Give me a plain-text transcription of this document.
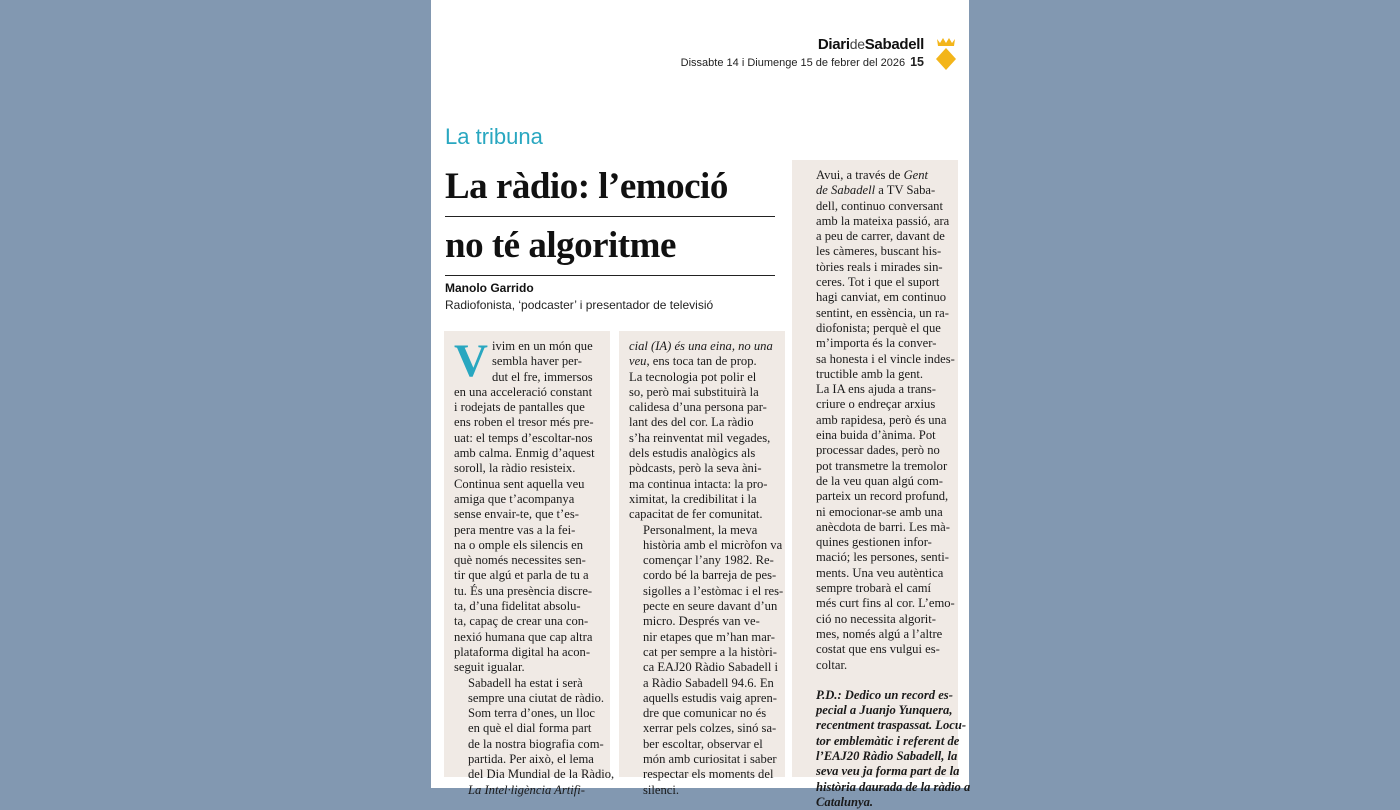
DiarideSabadell
Dissabte 14 i Diumenge 15 de febrer del 2026 15
La tribuna
La ràdio: l’emoció
no té algoritme
Manolo Garrido
Radiofonista, ‘podcaster’ i presentador de televisió

V ivim en un món que
sembla haver per-
dut el fre, immersos
en una acceleració constant
i rodejats de pantalles que
ens roben el tresor més pre-
uat: el temps d’escoltar-nos
amb calma. Enmig d’aquest
soroll, la ràdio resisteix.
Continua sent aquella veu
amiga que t’acompanya
sense envair-te, que t’es-
pera mentre vas a la fei-
na o omple els silencis en
què només necessites sen-
tir que algú et parla de tu a
tu. És una presència discre-
ta, d’una fidelitat absolu-
ta, capaç de crear una con-
nexió humana que cap altra
plataforma digital ha acon-
seguit igualar.

Sabadell ha estat i serà
sempre una ciutat de ràdio.
Som terra d’ones, un lloc
en què el dial forma part
de la nostra biografia com-
partida. Per això, el lema
del Dia Mundial de la Ràdio,
La Intel·ligència Artifi-

cial (IA) és una eina, no una
veu, ens toca tan de prop.
La tecnologia pot polir el
so, però mai substituirà la
calidesa d’una persona par-
lant des del cor. La ràdio
s’ha reinventat mil vegades,
dels estudis analògics als
pòdcasts, però la seva àni-
ma continua intacta: la pro-
ximitat, la credibilitat i la
capacitat de fer comunitat.

Personalment, la meva
història amb el micròfon va
començar l’any 1982. Re-
cordo bé la barreja de pes-
sigolles a l’estòmac i el res-
pecte en seure davant d’un
micro. Després van ve-
nir etapes que m’han mar-
cat per sempre a la històri-
ca EAJ20 Ràdio Sabadell i
a Ràdio Sabadell 94.6. En
aquells estudis vaig apren-
dre que comunicar no és
xerrar pels colzes, sinó sa-
ber escoltar, observar el
món amb curiositat i saber
respectar els moments del
silenci.

Avui, a través de Gent
de Sabadell a TV Saba-
dell, continuo conversant
amb la mateixa passió, ara
a peu de carrer, davant de
les càmeres, buscant his-
tòries reals i mirades sin-
ceres. Tot i que el suport
hagi canviat, em continuo
sentint, en essència, un ra-
diofonista; perquè el que
m’importa és la conver-
sa honesta i el vincle indes-
tructible amb la gent.

La IA ens ajuda a trans-
criure o endreçar arxius
amb rapidesa, però és una
eina buida d’ànima. Pot
processar dades, però no
pot transmetre la tremolor
de la veu quan algú com-
parteix un record profund,
ni emocionar-se amb una
anècdota de barri. Les mà-
quines gestionen infor-
mació; les persones, senti-
ments. Una veu autèntica
sempre trobarà el camí
més curt fins al cor. L’emo-
ció no necessita algorit-
mes, només algú a l’altre
costat que ens vulgui es-
coltar.

P.D.: Dedico un record es-
pecial a Juanjo Yunquera,
recentment traspassat. Locu-
tor emblemàtic i referent de
l’EAJ20 Ràdio Sabadell, la
seva veu ja forma part de la
història daurada de la ràdio a
Catalunya.
